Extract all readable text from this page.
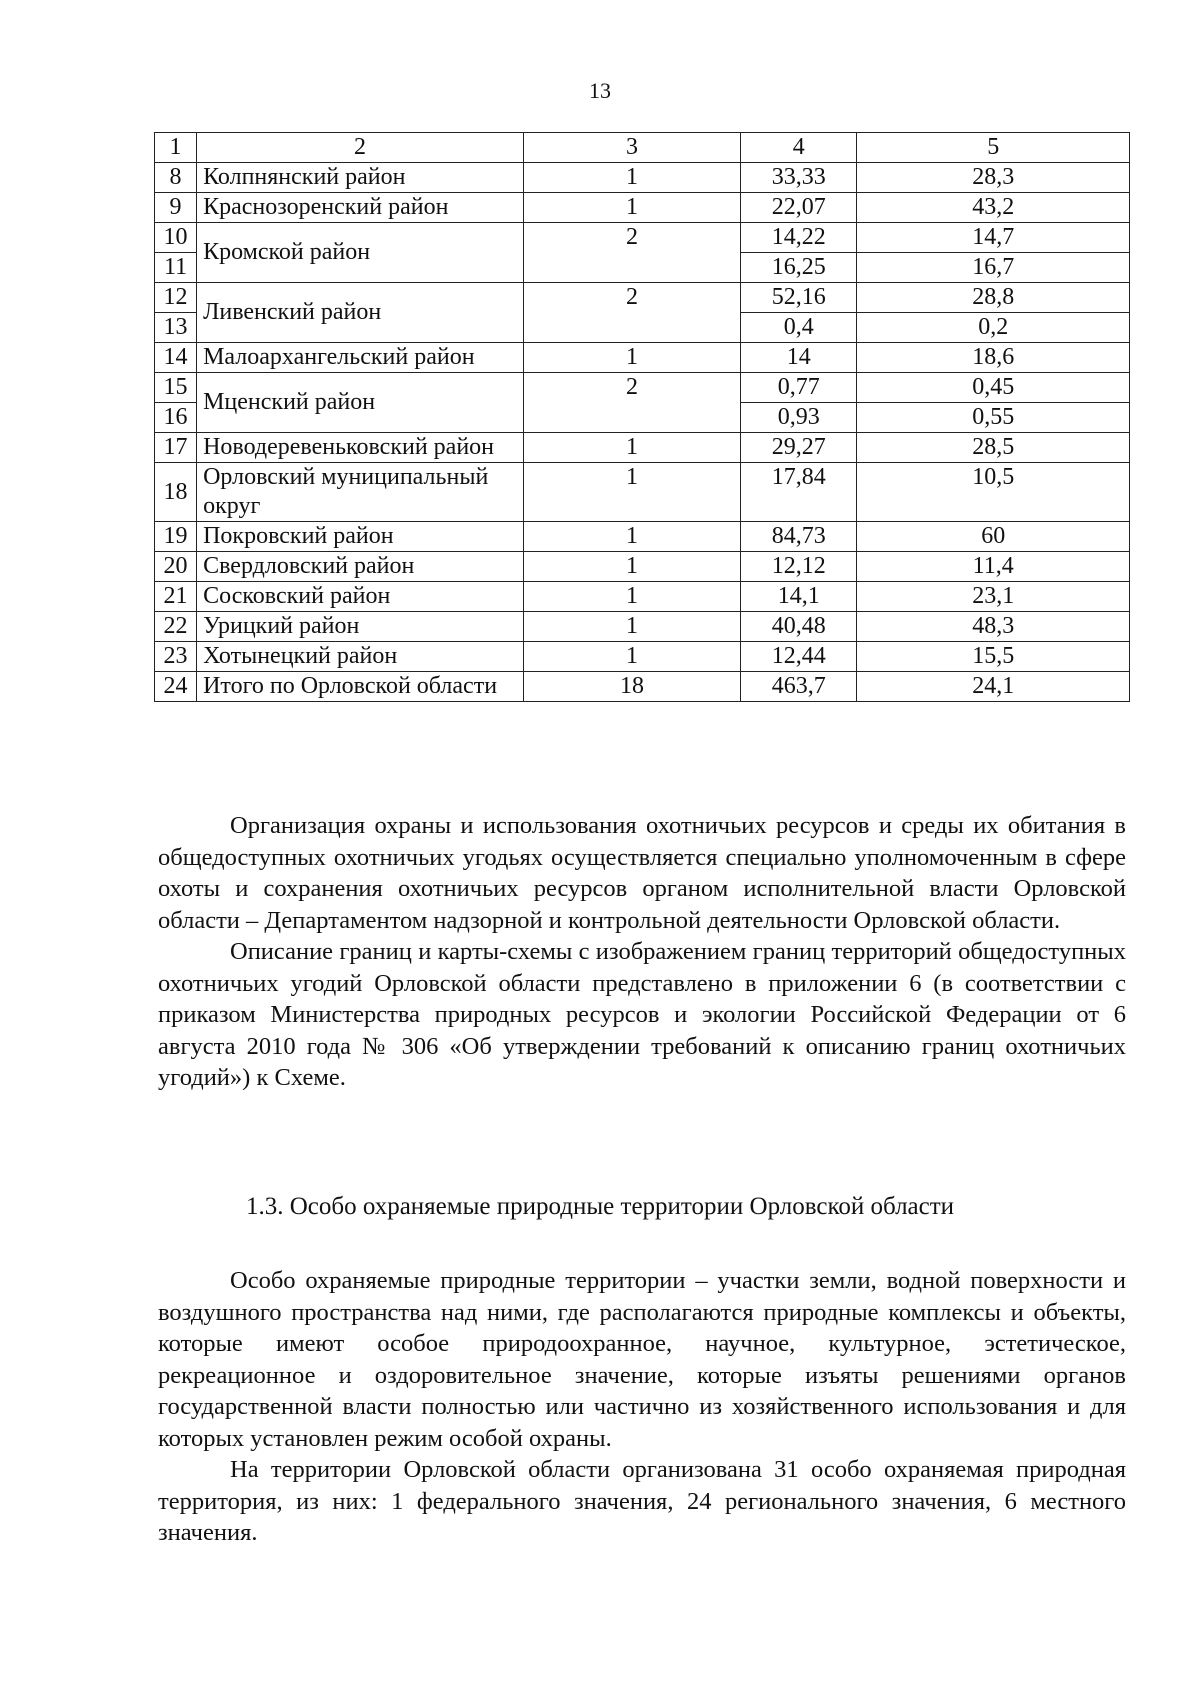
13
1	2	3	4	5
8	Колпнянский район	1	33,33	28,3
9	Краснозоренский район	1	22,07	43,2
10	Кромской район	2	14,22	14,7
11			16,25	16,7
12	Ливенский район	2	52,16	28,8
13			0,4	0,2
14	Малоархангельский район	1	14	18,6
15	Мценский район	2	0,77	0,45
16			0,93	0,55
17	Новодеревеньковский район	1	29,27	28,5
18	Орловский муниципальный округ	1	17,84	10,5
19	Покровский район	1	84,73	60
20	Свердловский район	1	12,12	11,4
21	Сосковский район	1	14,1	23,1
22	Урицкий район	1	40,48	48,3
23	Хотынецкий район	1	12,44	15,5
24	Итого по Орловской области	18	463,7	24,1

Организация охраны и использования охотничьих ресурсов и среды их обитания в общедоступных охотничьих угодьях осуществляется специально уполномоченным в сфере охоты и сохранения охотничьих ресурсов органом исполнительной власти Орловской области – Департаментом надзорной и контрольной деятельности Орловской области.

Описание границ и карты-схемы с изображением границ территорий общедоступных охотничьих угодий Орловской области представлено в приложении 6 (в соответствии с приказом Министерства природных ресурсов и экологии Российской Федерации от 6 августа 2010 года № 306 «Об утверждении требований к описанию границ охотничьих угодий») к Схеме.

1.3. Особо охраняемые природные территории Орловской области

Особо охраняемые природные территории – участки земли, водной поверхности и воздушного пространства над ними, где располагаются природные комплексы и объекты, которые имеют особое природоохранное, научное, культурное, эстетическое, рекреационное и оздоровительное значение, которые изъяты решениями органов государственной власти полностью или частично из хозяйственного использования и для которых установлен режим особой охраны.

На территории Орловской области организована 31 особо охраняемая природная территория, из них: 1 федерального значения, 24 регионального значения, 6 местного значения.
